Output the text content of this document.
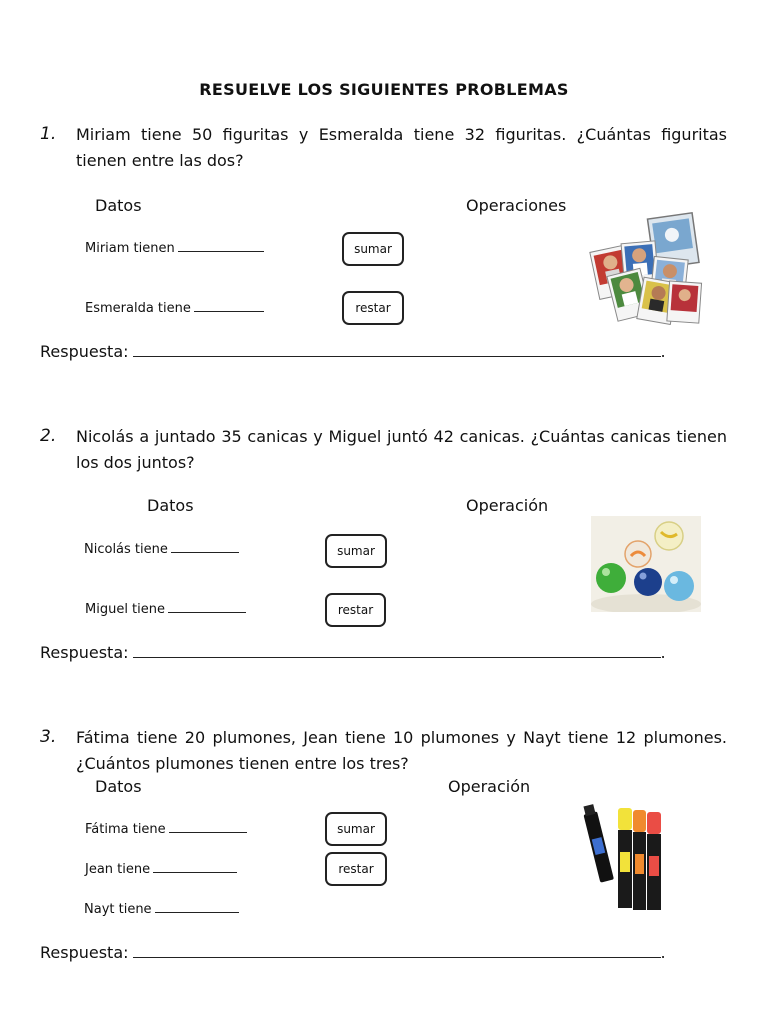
RESUELVE LOS SIGUIENTES PROBLEMAS
1. Miriam tiene 50 figuritas y Esmeralda tiene 32 figuritas. ¿Cuántas figuritas tienen entre las dos?
Datos	Operaciones
Miriam tienen
Esmeralda tiene
sumar
restar
Respuesta:	.
2. Nicolás a juntado 35 canicas y Miguel juntó 42 canicas. ¿Cuántas canicas tienen los dos juntos?
Datos	Operación
Nicolás tiene
Miguel tiene
sumar
restar
Respuesta:	.
3. Fátima tiene 20 plumones, Jean tiene 10 plumones y Nayt tiene 12 plumones. ¿Cuántos plumones tienen entre los tres?
Datos	Operación
Fátima tiene
Jean tiene
Nayt tiene
sumar
restar
Respuesta:	.
